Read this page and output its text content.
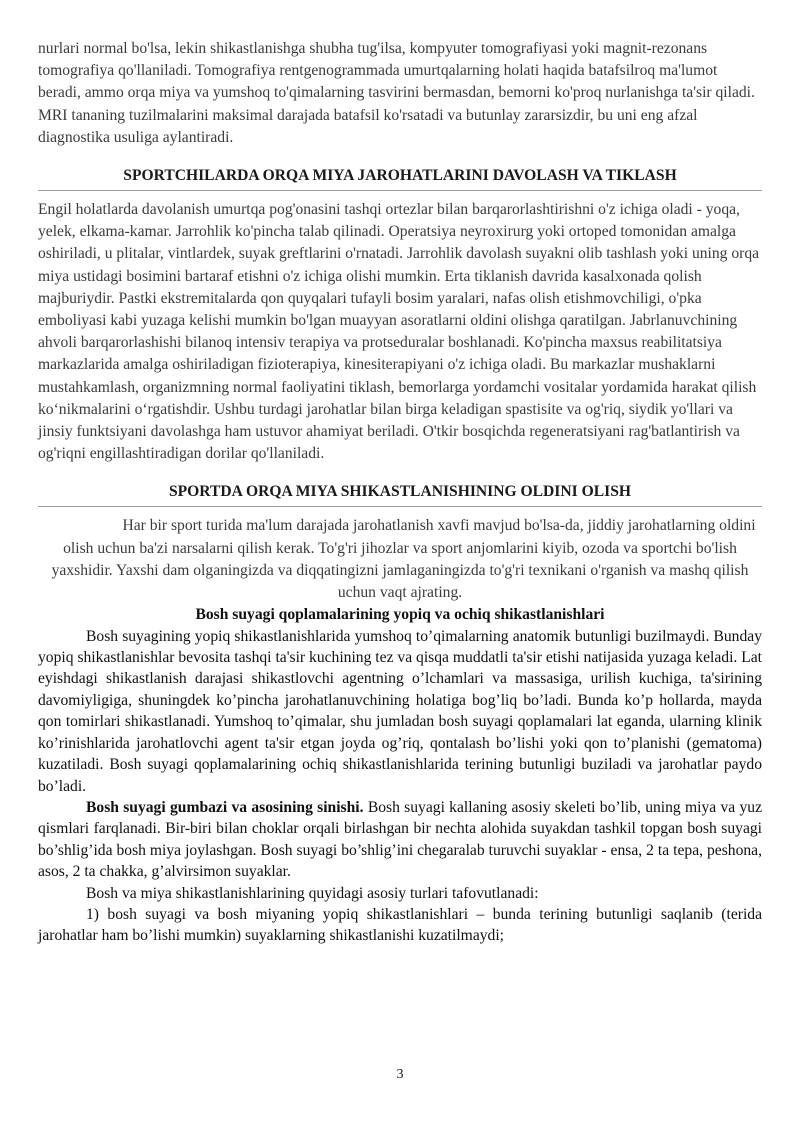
nurlari normal bo'lsa, lekin shikastlanishga shubha tug'ilsa, kompyuter tomografiyasi yoki magnit-rezonans tomografiya qo'llaniladi. Tomografiya rentgenogrammada umurtqalarning holati haqida batafsilroq ma'lumot beradi, ammo orqa miya va yumshoq to'qimalarning tasvirini bermasdan, bemorni ko'proq nurlanishga ta'sir qiladi. MRI tananing tuzilmalarini maksimal darajada batafsil ko'rsatadi va butunlay zararsizdir, bu uni eng afzal diagnostika usuliga aylantiradi.

SPORTCHILARDA ORQA MIYA JAROHATLARINI DAVOLASH VA TIKLASH

Engil holatlarda davolanish umurtqa pog'onasini tashqi ortezlar bilan barqarorlashtirishni o'z ichiga oladi - yoqa, yelek, elkama-kamar. Jarrohlik ko'pincha talab qilinadi. Operatsiya neyroxirurg yoki ortoped tomonidan amalga oshiriladi, u plitalar, vintlardek, suyak greftlarini o'rnatadi. Jarrohlik davolash suyakni olib tashlash yoki uning orqa miya ustidagi bosimini bartaraf etishni o'z ichiga olishi mumkin. Erta tiklanish davrida kasalxonada qolish majburiydir. Pastki ekstremitalarda qon quyqalari tufayli bosim yaralari, nafas olish etishmovchiligi, o'pka emboliyasi kabi yuzaga kelishi mumkin bo'lgan muayyan asoratlarni oldini olishga qaratilgan. Jabrlanuvchining ahvoli barqarorlashishi bilanoq intensiv terapiya va protseduralar boshlanadi. Ko'pincha maxsus reabilitatsiya markazlarida amalga oshiriladigan fizioterapiya, kinesiterapiyani o'z ichiga oladi. Bu markazlar mushaklarni mustahkamlash, organizmning normal faoliyatini tiklash, bemorlarga yordamchi vositalar yordamida harakat qilish koʻnikmalarini oʻrgatishdir. Ushbu turdagi jarohatlar bilan birga keladigan spastisite va og'riq, siydik yo'llari va jinsiy funktsiyani davolashga ham ustuvor ahamiyat beriladi. O'tkir bosqichda regeneratsiyani rag'batlantirish va og'riqni engillashtiradigan dorilar qo'llaniladi.

SPORTDA ORQA MIYA SHIKASTLANISHINING OLDINI OLISH

Har bir sport turida ma'lum darajada jarohatlanish xavfi mavjud bo'lsa-da, jiddiy jarohatlarning oldini olish uchun ba'zi narsalarni qilish kerak. To'g'ri jihozlar va sport anjomlarini kiyib, ozoda va sportchi bo'lish yaxshidir. Yaxshi dam olganingizda va diqqatingizni jamlaganingizda to'g'ri texnikani o'rganish va mashq qilish uchun vaqt ajrating.

Bosh suyagi qoplamalarining yopiq va ochiq shikastlanishlari

Bosh suyagining yopiq shikastlanishlarida yumshoq to’qimalarning anatomik butunligi buzilmaydi. Bunday yopiq shikastlanishlar bevosita tashqi ta'sir kuchining tez va qisqa muddatli ta'sir etishi natijasida yuzaga keladi. Lat eyishdagi shikastlanish darajasi shikastlovchi agentning o’lchamlari va massasiga, urilish kuchiga, ta'sirining davomiyligiga, shuningdek ko’pincha jarohatlanuvchining holatiga bog’liq bo’ladi. Bunda ko’p hollarda, mayda qon tomirlari shikastlanadi. Yumshoq to’qimalar, shu jumladan bosh suyagi qoplamalari lat eganda, ularning klinik ko’rinishlarida jarohatlovchi agent ta'sir etgan joyda og’riq, qontalash bo’lishi yoki qon to’planishi (gematoma) kuzatiladi. Bosh suyagi qoplamalarining ochiq shikastlanishlarida terining butunligi buziladi va jarohatlar paydo bo’ladi.

Bosh suyagi gumbazi va asosining sinishi. Bosh suyagi kallaning asosiy skeleti bo’lib, uning miya va yuz qismlari farqlanadi. Bir-biri bilan choklar orqali birlashgan bir nechta alohida suyakdan tashkil topgan bosh suyagi bo’shlig’ida bosh miya joylashgan. Bosh suyagi bo’shlig’ini chegaralab turuvchi suyaklar - ensa, 2 ta tepa, peshona, asos, 2 ta chakka, g’alvirsimon suyaklar.

Bosh va miya shikastlanishlarining quyidagi asosiy turlari tafovutlanadi:

1) bosh suyagi va bosh miyaning yopiq shikastlanishlari – bunda terining butunligi saqlanib (terida jarohatlar ham bo’lishi mumkin) suyaklarning shikastlanishi kuzatilmaydi;

3
